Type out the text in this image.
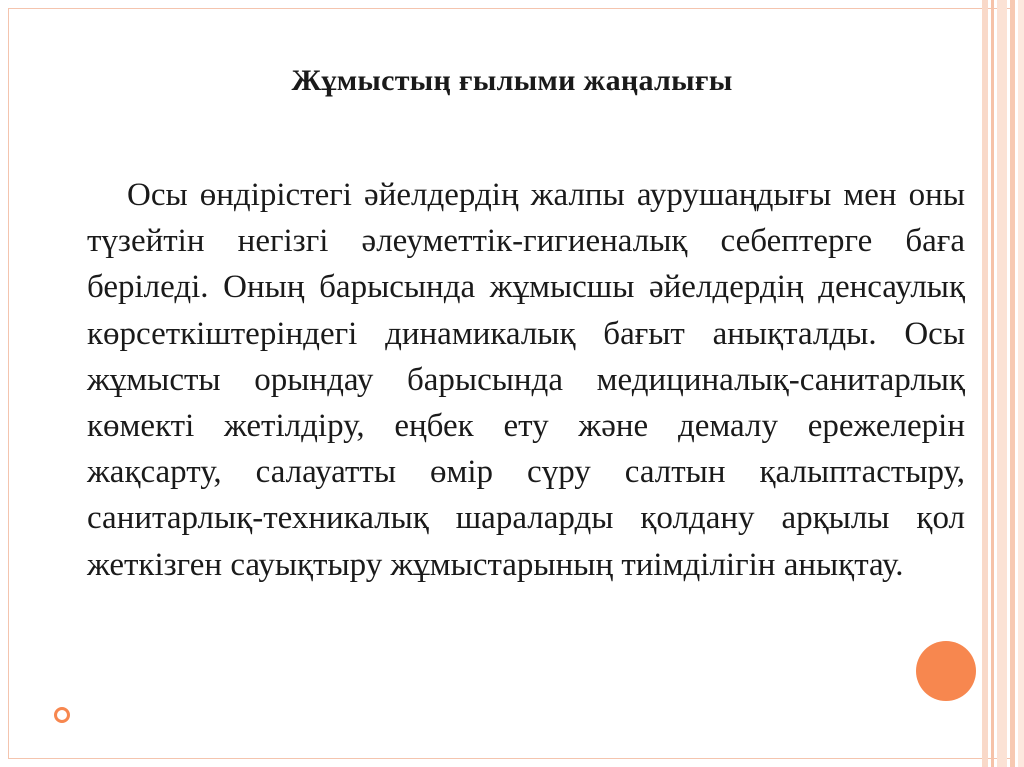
Жұмыстың ғылыми жаңалығы

Осы өндірістегі әйелдердің жалпы аурушаңдығы мен оны түзейтін негізгі әлеуметтік-гигиеналық себептерге баға беріледі. Оның барысында жұмысшы әйелдердің денсаулық көрсеткіштеріндегі динамикалық бағыт анықталды. Осы жұмысты орындау барысында медициналық-санитарлық көмекті жетілдіру, еңбек ету және демалу ережелерін жақсарту, салауатты өмір сүру салтын қалыптастыру, санитарлық-техникалық шараларды қолдану арқылы қол жеткізген сауықтыру жұмыстарының тиімділігін анықтау.
